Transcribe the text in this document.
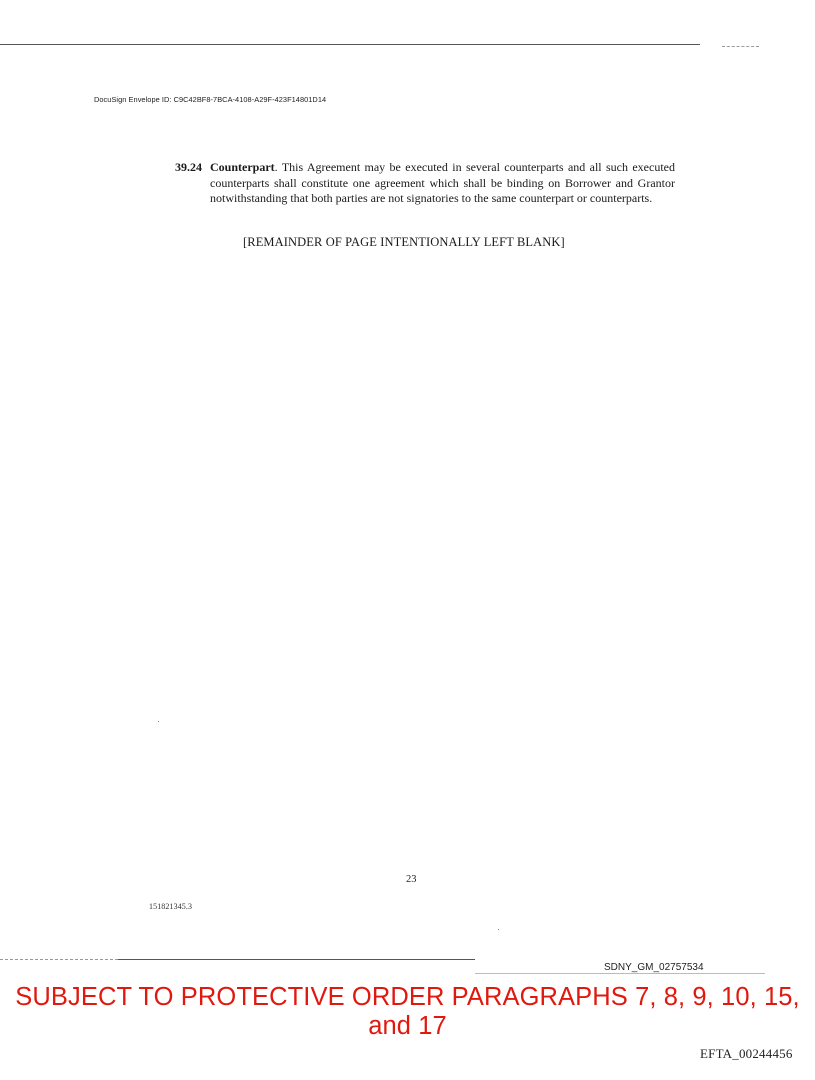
DocuSign Envelope ID: C9C42BF8-7BCA-4108-A29F-423F14801D14
39.24 Counterpart. This Agreement may be executed in several counterparts and all such executed counterparts shall constitute one agreement which shall be binding on Borrower and Grantor notwithstanding that both parties are not signatories to the same counterpart or counterparts.
[REMAINDER OF PAGE INTENTIONALLY LEFT BLANK]
23
151821345.3
SDNY_GM_02757534
SUBJECT TO PROTECTIVE ORDER PARAGRAPHS 7, 8, 9, 10, 15, and 17
EFTA_00244456
